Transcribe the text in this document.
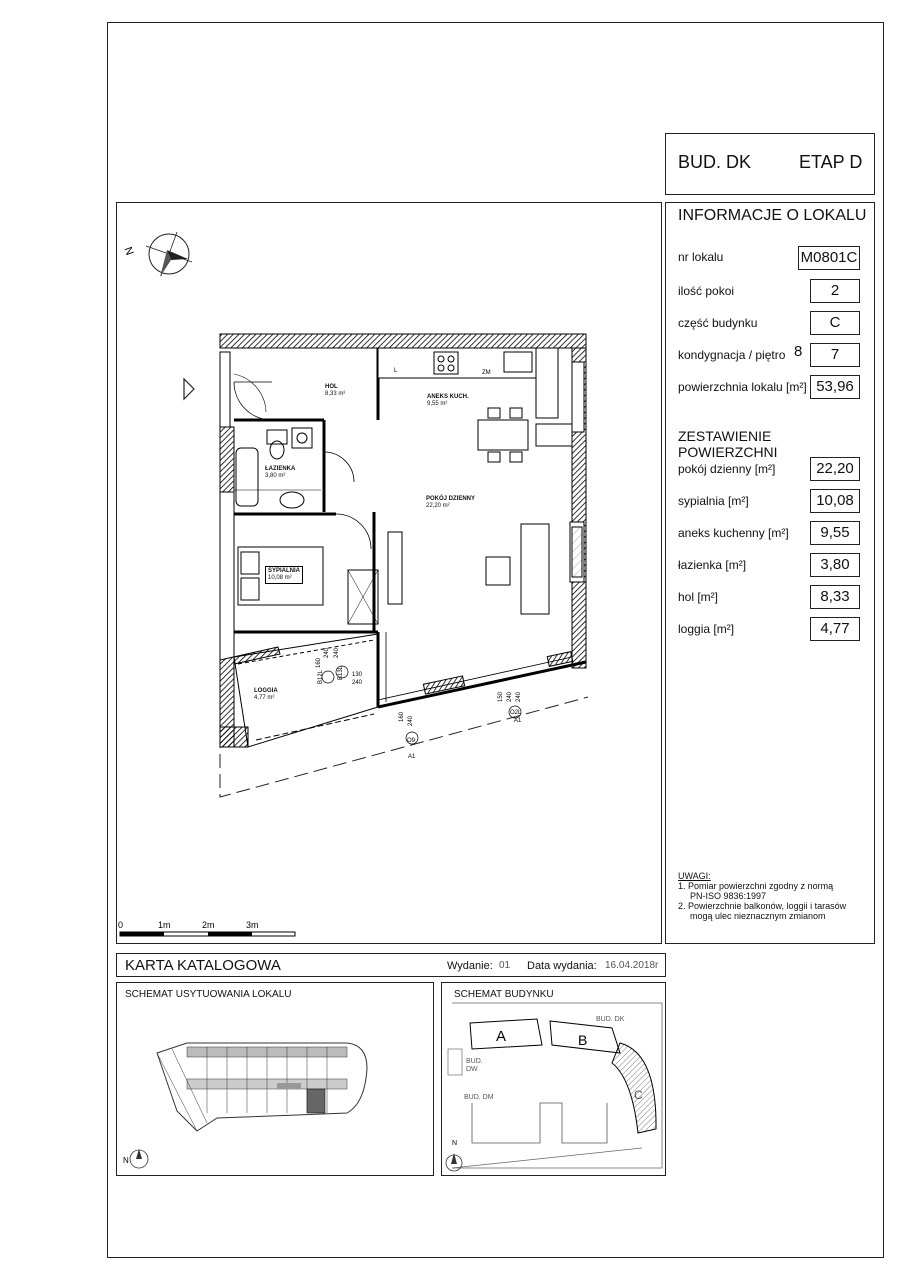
BUD. DK	ETAP D
INFORMACJE O LOKALU
nr lokalu	M0801C
ilość pokoi	2
część budynku	C
kondygnacja / piętro 8	7
powierzchnia lokalu [m²] 53,96
ZESTAWIENIE POWIERZCHNI
pokój dzienny [m²]	22,20
sypialnia [m²]	10,08
aneks kuchenny [m²]	9,55
łazienka [m²]	3,80
hol [m²]	8,33
loggia [m²]	4,77
UWAGI:
1. Pomiar powierzchni zgodny z normą
PN-ISO 9836:1997
2. Powierzchnie balkonów, loggii i tarasów
mogą ulec nieznacznym zmianom
N
L	ZM
130
240
160
240
B12L
240
B13L
240
160
240
O9
A1
150 240
O2L
A1
0	1m	2m	3m
HOL
8,33 m²	ANEKS KUCH.
9,55 m²
ŁAZIENKA
3,80 m²
POKÓJ DZIENNY
22,20 m²
SYPIALNIA
10,08 m²
LOGGIA
4,77 m²
KARTA KATALOGOWA	Wydanie: 01 Data wydania: 16.04.2018r
SCHEMAT USYTUOWANIA LOKALU
N
SCHEMAT BUDYNKU
A	B
C
BUD. DK
BUD.
DW
BUD. DM
N
